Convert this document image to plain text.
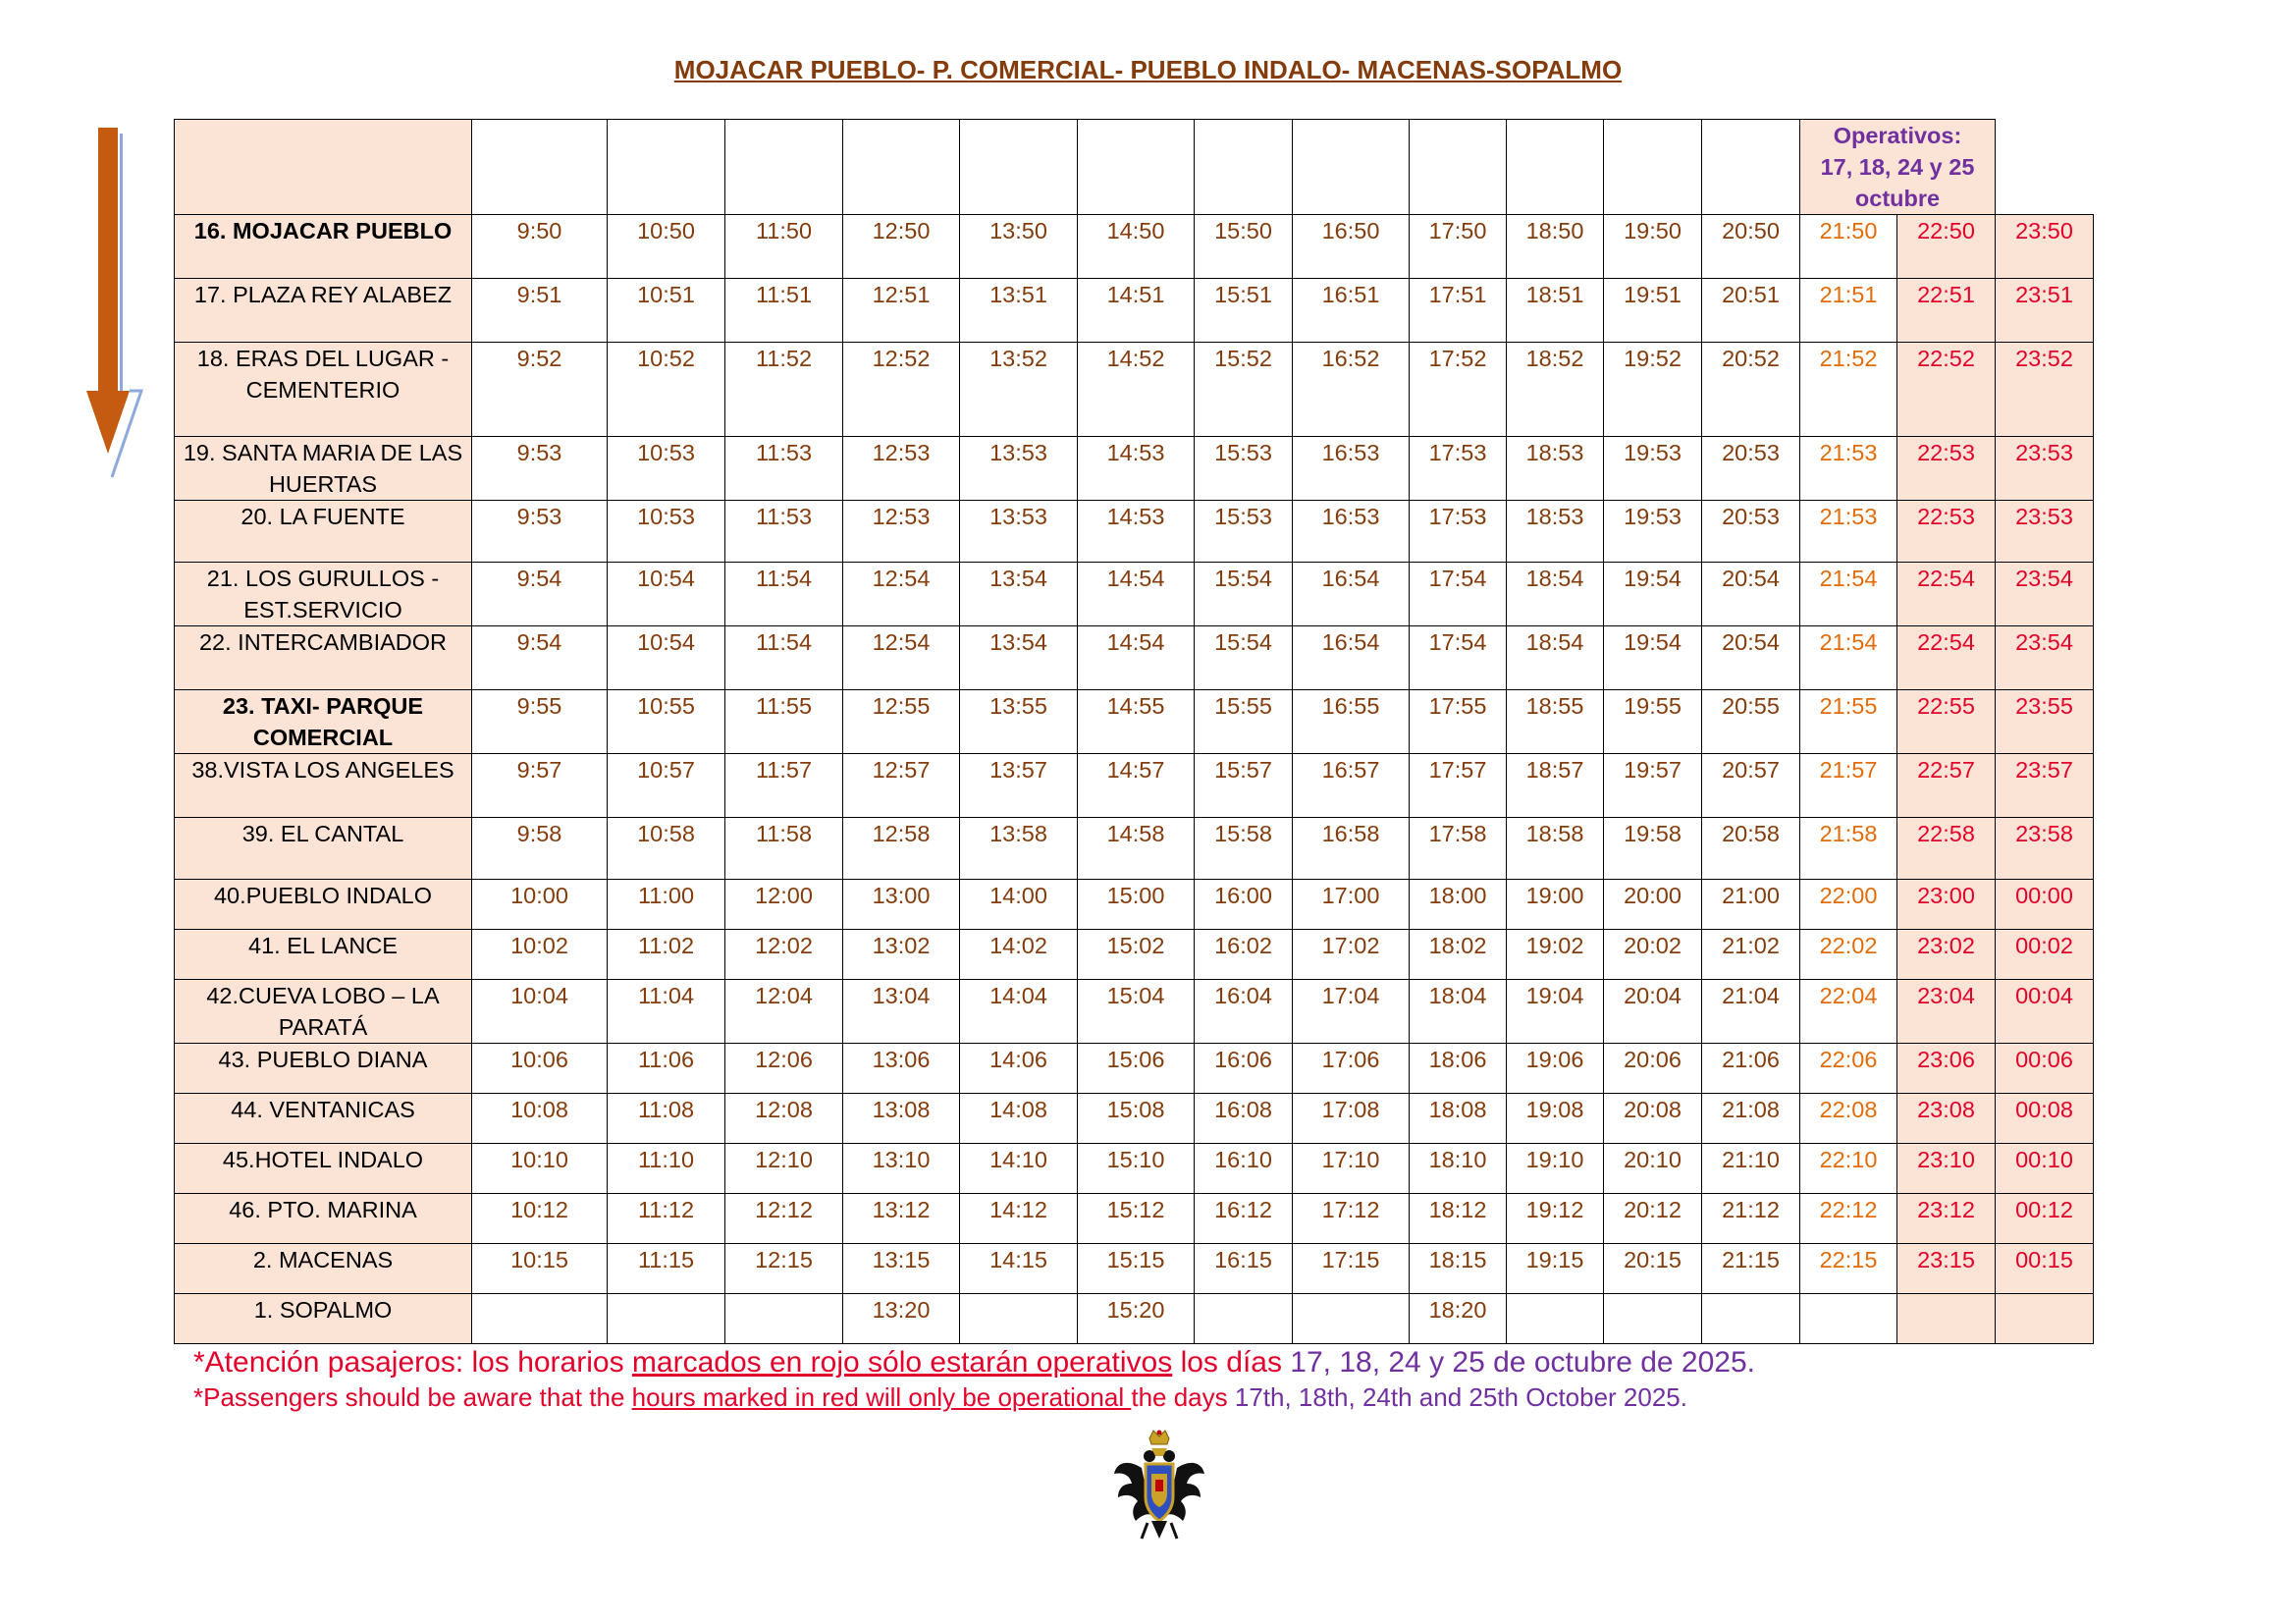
MOJACAR PUEBLO- P. COMERCIAL- PUEBLO INDALO- MACENAS-SOPALMO

													Operativos:
17, 18, 24 y 25
octubre		

16. MOJACAR PUEBLO	9:50	10:50	11:50	12:50	13:50	14:50	15:50	16:50	17:50	18:50	19:50	20:50	21:50	22:50	23:50
17. PLAZA REY ALABEZ	9:51	10:51	11:51	12:51	13:51	14:51	15:51	16:51	17:51	18:51	19:51	20:51	21:51	22:51	23:51
18. ERAS DEL LUGAR - CEMENTERIO	9:52	10:52	11:52	12:52	13:52	14:52	15:52	16:52	17:52	18:52	19:52	20:52	21:52	22:52	23:52
19. SANTA MARIA DE LAS HUERTAS	9:53	10:53	11:53	12:53	13:53	14:53	15:53	16:53	17:53	18:53	19:53	20:53	21:53	22:53	23:53
20. LA FUENTE	9:53	10:53	11:53	12:53	13:53	14:53	15:53	16:53	17:53	18:53	19:53	20:53	21:53	22:53	23:53
21. LOS GURULLOS - EST.SERVICIO	9:54	10:54	11:54	12:54	13:54	14:54	15:54	16:54	17:54	18:54	19:54	20:54	21:54	22:54	23:54
22. INTERCAMBIADOR	9:54	10:54	11:54	12:54	13:54	14:54	15:54	16:54	17:54	18:54	19:54	20:54	21:54	22:54	23:54
23. TAXI- PARQUE COMERCIAL	9:55	10:55	11:55	12:55	13:55	14:55	15:55	16:55	17:55	18:55	19:55	20:55	21:55	22:55	23:55
38.VISTA LOS ANGELES	9:57	10:57	11:57	12:57	13:57	14:57	15:57	16:57	17:57	18:57	19:57	20:57	21:57	22:57	23:57
39. EL CANTAL	9:58	10:58	11:58	12:58	13:58	14:58	15:58	16:58	17:58	18:58	19:58	20:58	21:58	22:58	23:58
40.PUEBLO INDALO	10:00	11:00	12:00	13:00	14:00	15:00	16:00	17:00	18:00	19:00	20:00	21:00	22:00	23:00	00:00
41. EL LANCE	10:02	11:02	12:02	13:02	14:02	15:02	16:02	17:02	18:02	19:02	20:02	21:02	22:02	23:02	00:02
42.CUEVA LOBO – LA PARATÁ	10:04	11:04	12:04	13:04	14:04	15:04	16:04	17:04	18:04	19:04	20:04	21:04	22:04	23:04	00:04
43. PUEBLO DIANA	10:06	11:06	12:06	13:06	14:06	15:06	16:06	17:06	18:06	19:06	20:06	21:06	22:06	23:06	00:06
44. VENTANICAS	10:08	11:08	12:08	13:08	14:08	15:08	16:08	17:08	18:08	19:08	20:08	21:08	22:08	23:08	00:08
45.HOTEL INDALO	10:10	11:10	12:10	13:10	14:10	15:10	16:10	17:10	18:10	19:10	20:10	21:10	22:10	23:10	00:10
46. PTO. MARINA	10:12	11:12	12:12	13:12	14:12	15:12	16:12	17:12	18:12	19:12	20:12	21:12	22:12	23:12	00:12
2. MACENAS	10:15	11:15	12:15	13:15	14:15	15:15	16:15	17:15	18:15	19:15	20:15	21:15	22:15	23:15	00:15
1. SOPALMO				13:20		15:20			18:20						
*Atención pasajeros: los horarios marcados en rojo sólo estarán operativos los días 17, 18, 24 y 25 de octubre de 2025.
*Passengers should be aware that the hours marked in red will only be operational the days 17th, 18th, 24th and 25th October 2025.
